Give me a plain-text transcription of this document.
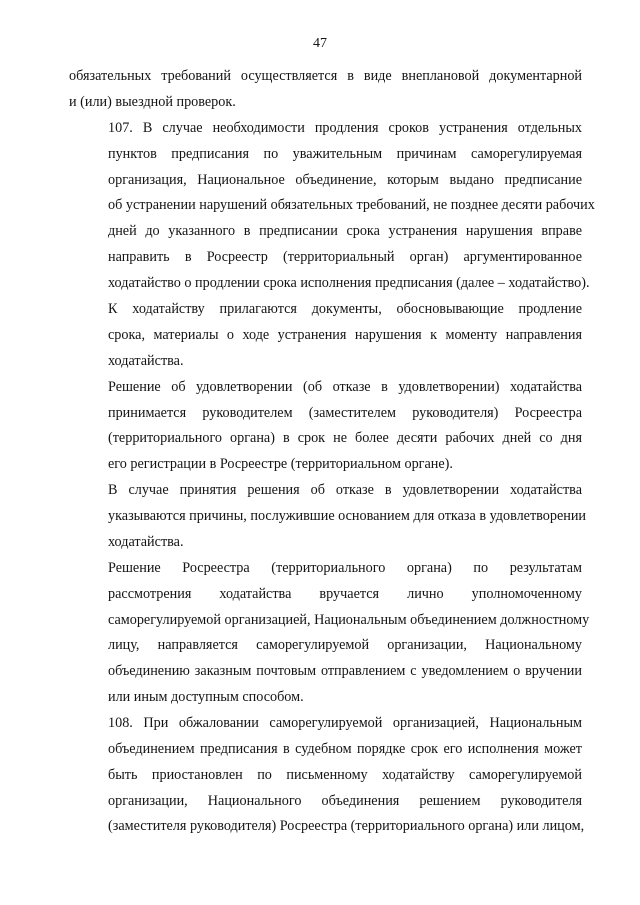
47

обязательных требований осуществляется в виде внеплановой документарной
и (или) выездной проверок.

107. В случае необходимости продления сроков устранения отдельных
пунктов предписания по уважительным причинам саморегулируемая
организация, Национальное объединение, которым выдано предписание
об устранении нарушений обязательных требований, не позднее десяти рабочих
дней до указанного в предписании срока устранения нарушения вправе
направить в Росреестр (территориальный орган) аргументированное
ходатайство о продлении срока исполнения предписания (далее – ходатайство).

К ходатайству прилагаются документы, обосновывающие продление
срока, материалы о ходе устранения нарушения к моменту направления
ходатайства.

Решение об удовлетворении (об отказе в удовлетворении) ходатайства
принимается руководителем (заместителем руководителя) Росреестра
(территориального органа) в срок не более десяти рабочих дней со дня
его регистрации в Росреестре (территориальном органе).

В случае принятия решения об отказе в удовлетворении ходатайства
указываются причины, послужившие основанием для отказа в удовлетворении
ходатайства.

Решение Росреестра (территориального органа) по результатам
рассмотрения ходатайства вручается лично уполномоченному
саморегулируемой организацией, Национальным объединением должностному
лицу, направляется саморегулируемой организации, Национальному
объединению заказным почтовым отправлением с уведомлением о вручении
или иным доступным способом.

108. При обжаловании саморегулируемой организацией, Национальным
объединением предписания в судебном порядке срок его исполнения может
быть приостановлен по письменному ходатайству саморегулируемой
организации, Национального объединения решением руководителя
(заместителя руководителя) Росреестра (территориального органа) или лицом,
